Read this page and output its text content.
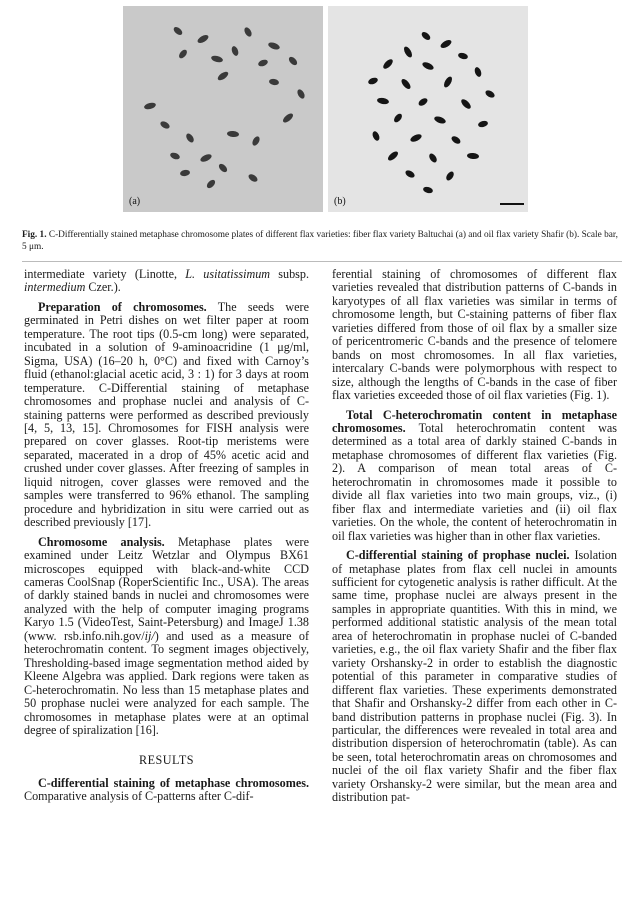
(a)	(b)
Fig. 1. C-Differentially stained metaphase chromosome plates of different flax varieties: fiber flax variety Baltuchai (a) and oil flax variety Shafir (b). Scale bar, 5 μm.

intermediate variety (Linotte, L. usitatissimum subsp. intermedium Czer.).

Preparation of chromosomes. The seeds were germinated in Petri dishes on wet filter paper at room temperature. The root tips (0.5-cm long) were separated, incubated in a solution of 9-aminoacridine (1 μg/ml, Sigma, USA) (16–20 h, 0°C) and fixed with Carnoy’s fluid (ethanol:glacial acetic acid, 3 : 1) for 3 days at room temperature. C-Differential staining of metaphase chromosomes and prophase nuclei and analysis of C-staining patterns were performed as described previously [4, 5, 13, 15]. Chromosomes for FISH analysis were prepared on cover glasses. Root-tip meristems were separated, macerated in a drop of 45% acetic acid and crushed under cover glasses. After freezing of samples in liquid nitrogen, cover glasses were removed and the samples were transferred to 96% ethanol. The sampling procedure and hybridization in situ were carried out as described previously [17].

Chromosome analysis. Metaphase plates were examined under Leitz Wetzlar and Olympus BX61 microscopes equipped with black-and-white CCD cameras CoolSnap (RoperScientific Inc., USA). The areas of darkly stained bands in nuclei and chromosomes were analyzed with the help of computer imaging programs Karyo 1.5 (VideoTest, Saint-Petersburg) and ImageJ 1.38 (www. rsb.info.nih.gov/ij/) and used as a measure of heterochromatin content. To segment images objectively, Thresholding-based image segmentation method aided by Kleene Algebra was applied. Dark regions were taken as C-heterochromatin. No less than 15 metaphase plates and 50 prophase nuclei were analyzed for each sample. The chromosomes in metaphase plates were at an optimal degree of spiralization [16].

RESULTS

C-differential staining of metaphase chromosomes. Comparative analysis of C-patterns after C-dif-

ferential staining of chromosomes of different flax varieties revealed that distribution patterns of C-bands in karyotypes of all flax varieties was similar in terms of chromosome length, but C-staining patterns of fiber flax varieties differed from those of oil flax by a smaller size of pericentromeric C-bands and the presence of telomere bands on most chromosomes. In all flax varieties, intercalary C-bands were polymorphous with respect to size, although the lengths of C-bands in the case of fiber flax varieties exceeded those of oil flax varieties (Fig. 1).

Total C-heterochromatin content in metaphase chromosomes. Total heterochromatin content was determined as a total area of darkly stained C-bands in metaphase chromosomes of different flax varieties (Fig. 2). A comparison of mean total areas of C-heterochromatin in chromosomes made it possible to divide all flax varieties into two main groups, viz., (i) fiber flax and intermediate varieties and (ii) oil flax varieties. On the whole, the content of heterochromatin in oil flax varieties was higher than in other flax varieties.

C-differential staining of prophase nuclei. Isolation of metaphase plates from flax cell nuclei in amounts sufficient for cytogenetic analysis is rather difficult. At the same time, prophase nuclei are always present in the samples in appropriate quantities. With this in mind, we performed additional statistic analysis of the mean total area of heterochromatin in prophase nuclei of C-banded varieties, e.g., the oil flax variety Shafir and the fiber flax variety Orshansky-2 in order to establish the diagnostic potential of this parameter in comparative studies of different flax varieties. These experiments demonstrated that Shafir and Orshansky-2 differ from each other in C-band distribution patterns in prophase nuclei (Fig. 3). In particular, the differences were revealed in total area and distribution dispersion of heterochromatin (table). As can be seen, total heterochromatin areas on chromosomes and nuclei of the oil flax variety Shafir and the fiber flax variety Orshansky-2 were similar, but the mean area and distribution pat-
